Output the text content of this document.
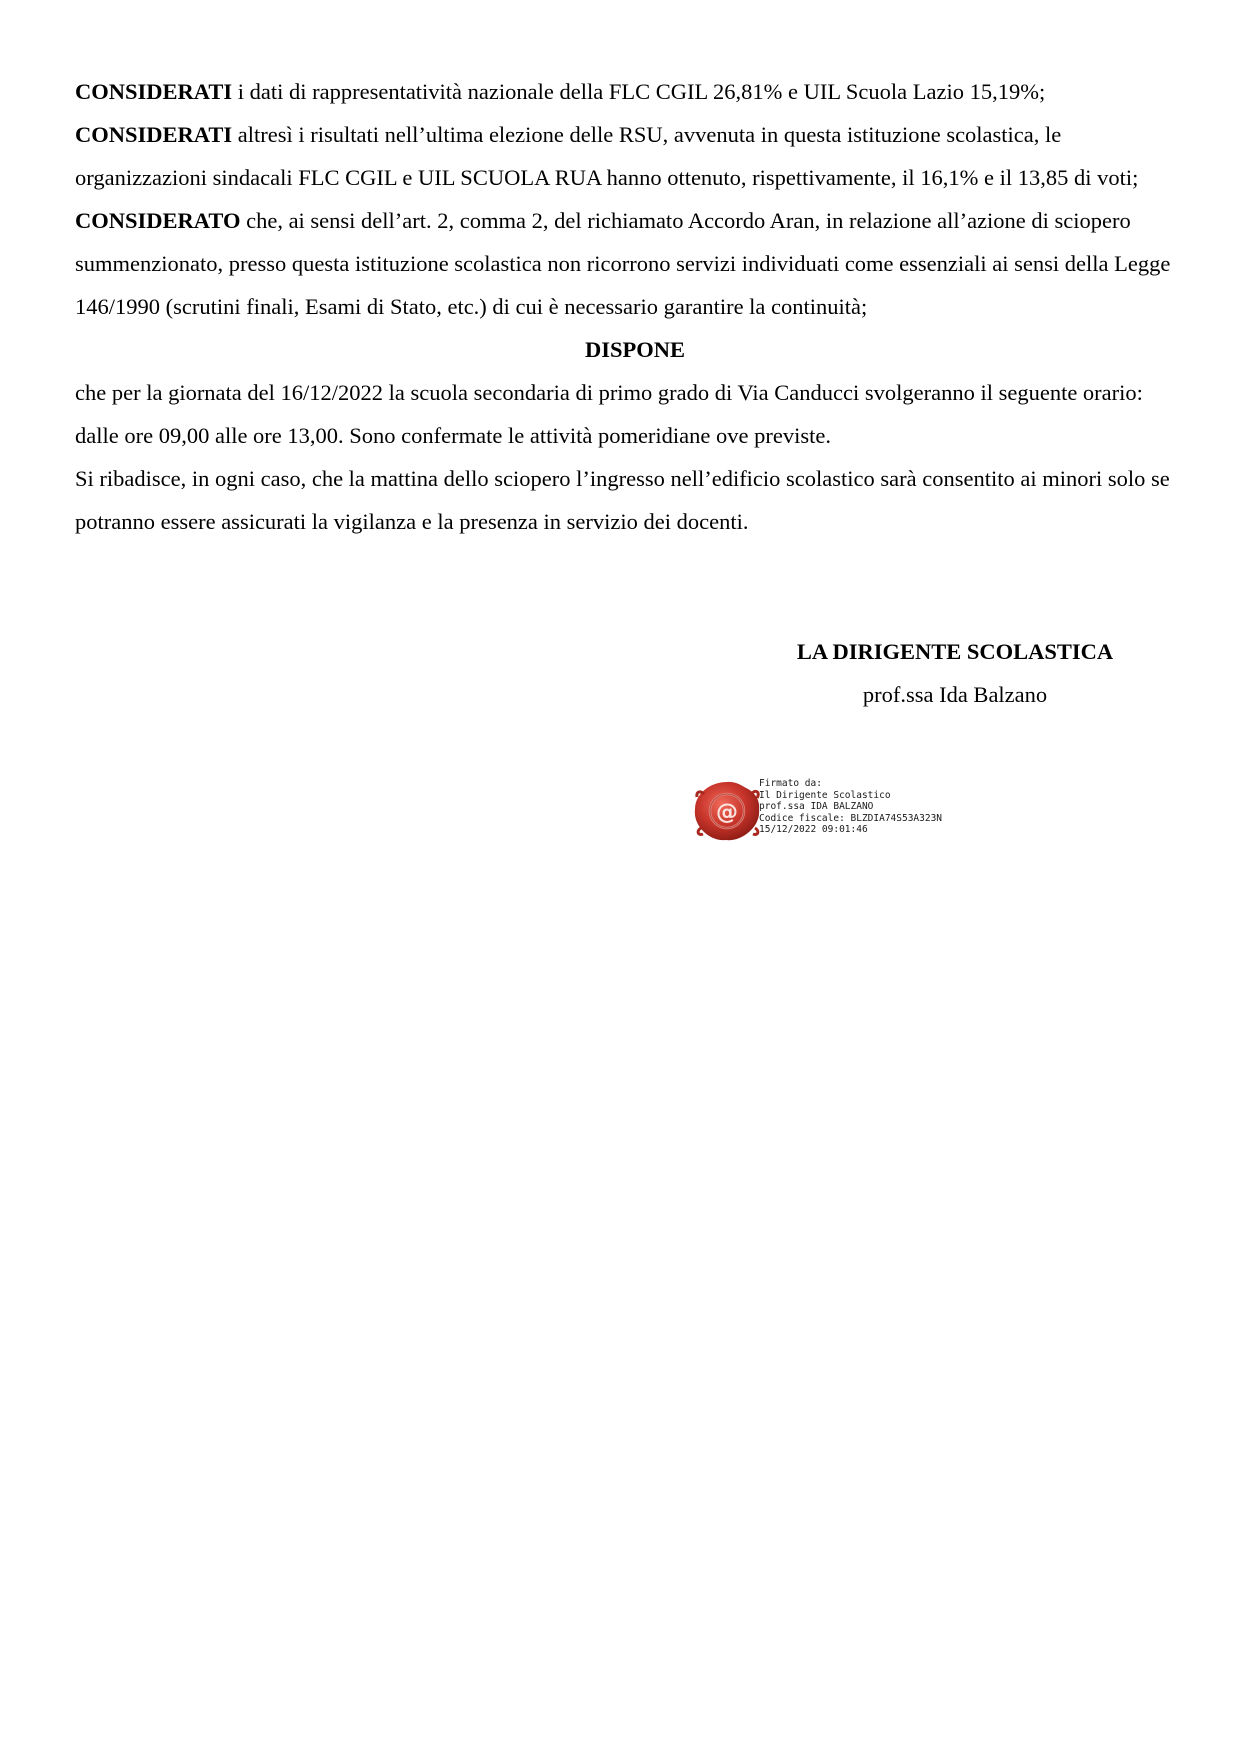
CONSIDERATI i dati di rappresentatività nazionale della FLC CGIL 26,81% e UIL Scuola Lazio 15,19%;

CONSIDERATI altresì i risultati nell’ultima elezione delle RSU, avvenuta in questa istituzione scolastica, le organizzazioni sindacali FLC CGIL e UIL SCUOLA RUA hanno ottenuto, rispettivamente, il 16,1% e il 13,85 di voti;

CONSIDERATO che, ai sensi dell’art. 2, comma 2, del richiamato Accordo Aran, in relazione all’azione di sciopero summenzionato, presso questa istituzione scolastica non ricorrono servizi individuati come essenziali ai sensi della Legge 146/1990 (scrutini finali, Esami di Stato, etc.) di cui è necessario garantire la continuità;

DISPONE

che per la giornata del 16/12/2022 la scuola secondaria di primo grado di Via Canducci svolgeranno il seguente orario: dalle ore 09,00 alle ore 13,00. Sono confermate le attività pomeridiane ove previste.

Si ribadisce, in ogni caso, che la mattina dello sciopero l’ingresso nell’edificio scolastico sarà consentito ai minori solo se potranno essere assicurati la vigilanza e la presenza in servizio dei docenti.

LA DIRIGENTE SCOLASTICA
prof.ssa Ida Balzano
@
Firmato da:
Il Dirigente Scolastico
prof.ssa IDA BALZANO
Codice fiscale: BLZDIA74S53A323N
15/12/2022 09:01:46
